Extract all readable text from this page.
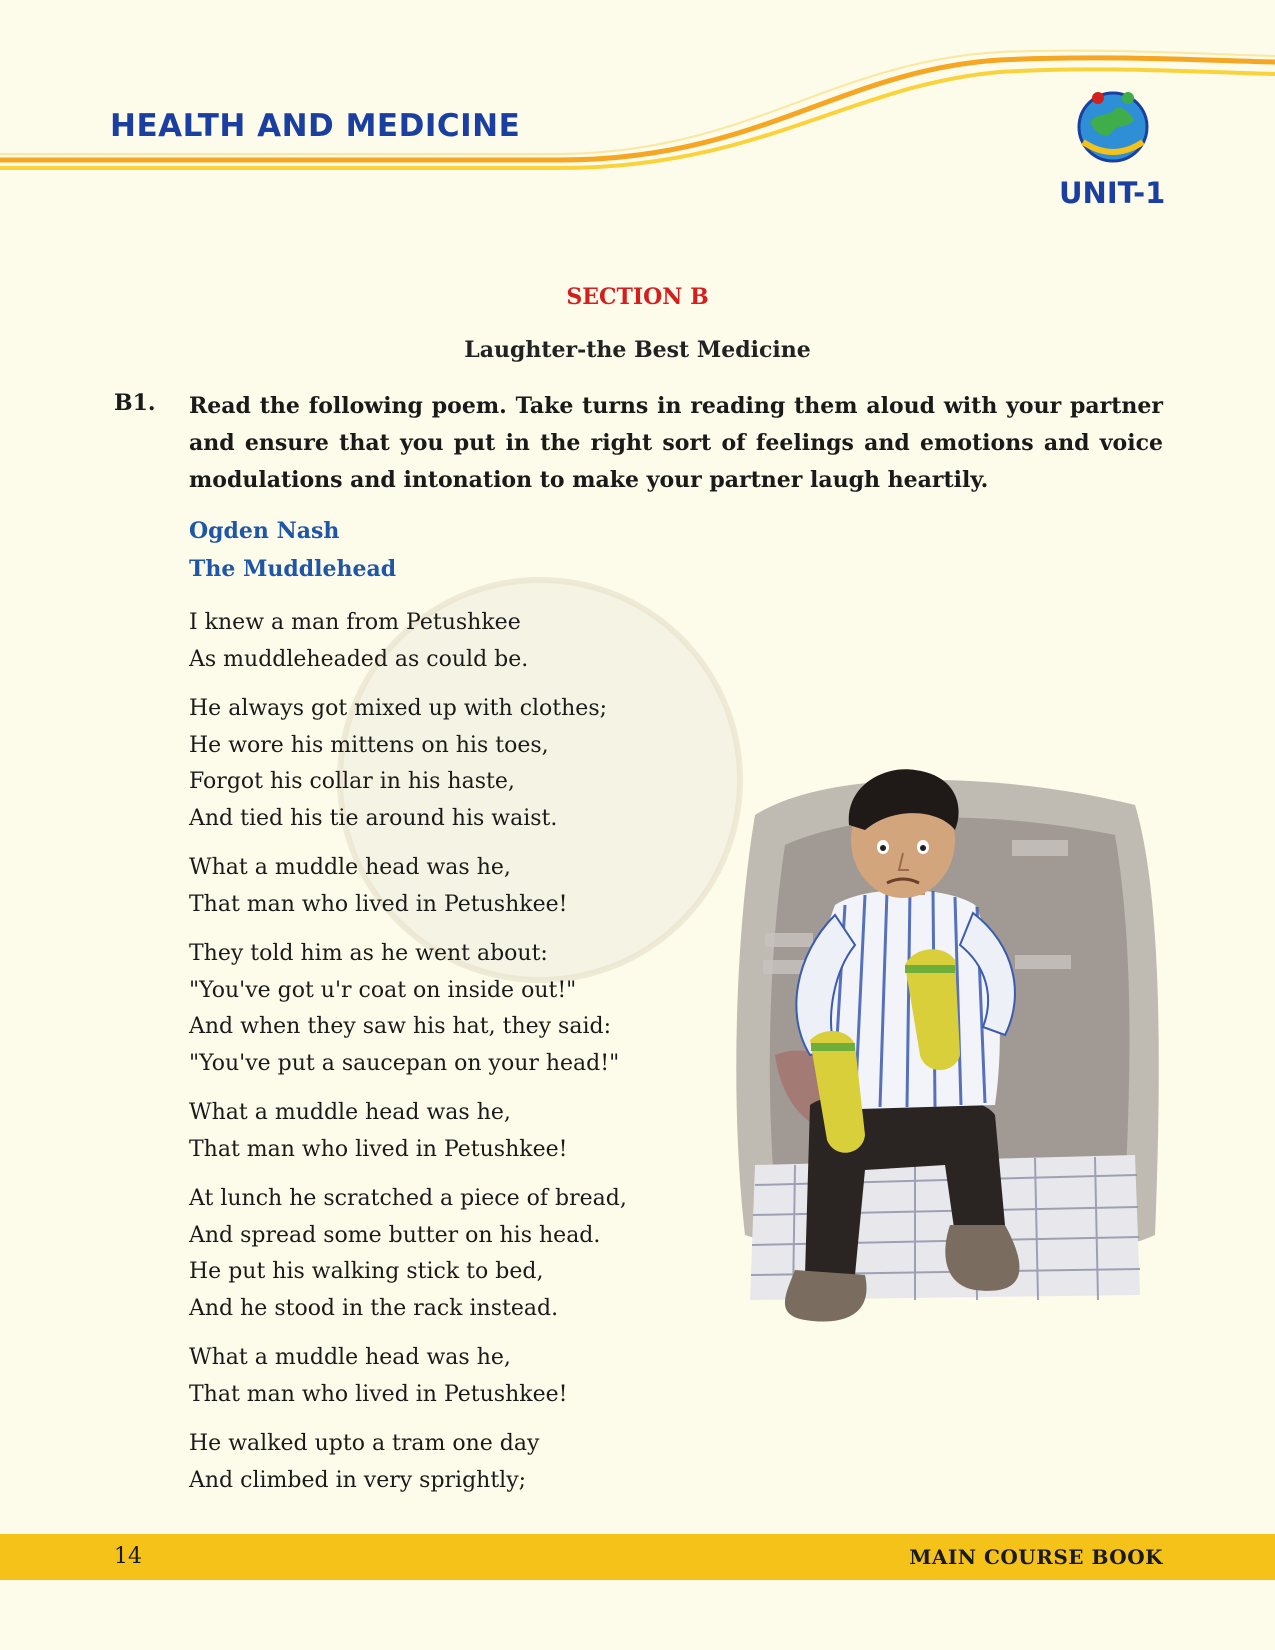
HEALTH AND MEDICINE
UNIT-1
SECTION B
Laughter-the Best Medicine
B1. Read the following poem. Take turns in reading them aloud with your partner and ensure that you put in the right sort of feelings and emotions and voice modulations and intonation to make your partner laugh heartily.

Ogden Nash
The Muddlehead
I knew a man from Petushkee
As muddleheaded as could be.
He always got mixed up with clothes;
He wore his mittens on his toes,
Forgot his collar in his haste,
And tied his tie around his waist.
What a muddle head was he,
That man who lived in Petushkee!
They told him as he went about:
"You've got u'r coat on inside out!"
And when they saw his hat, they said:
"You've put a saucepan on your head!"
What a muddle head was he,
That man who lived in Petushkee!
At lunch he scratched a piece of bread,
And spread some butter on his head.
He put his walking stick to bed,
And he stood in the rack instead.
What a muddle head was he,
That man who lived in Petushkee!
He walked upto a tram one day
And climbed in very sprightly;
14	MAIN COURSE BOOK
